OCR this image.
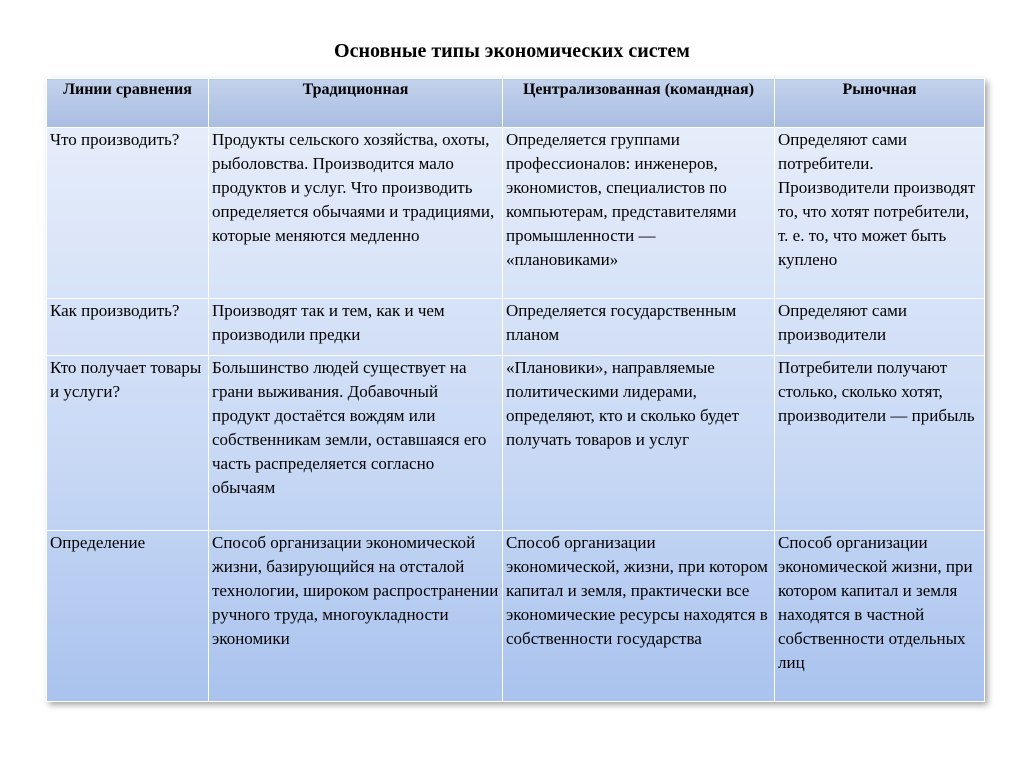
Основные типы экономических систем
Линии сравнения	Традиционная	Централизованная (командная)	Рыночная
Что производить?	Продукты сельского хозяйства, охоты, рыболовства. Производится мало продуктов и услуг. Что производить определяется обычаями и традициями, которые меняются медленно	Определяется группами профессионалов: инженеров, экономистов, специалистов по компьютерам, представителями промышленности — «плановиками»	Определяют сами потребители. Производители производят то, что хотят потребители, т. е. то, что может быть куплено
Как производить?	Производят так и тем, как и чем производили предки	Определяется государственным планом	Определяют сами производители
Кто получает товары и услуги?	Большинство людей существует на грани выживания. Добавочный продукт достаётся вождям или собственникам земли, оставшаяся его часть распределяется согласно обычаям	«Плановики», направляемые политическими лидерами, определяют, кто и сколько будет получать товаров и услуг	Потребители получают столько, сколько хотят, производители — прибыль
Определение	Способ организации экономической жизни, базирующийся на отсталой технологии, широком распространении ручного труда, многоукладности экономики	Способ организации экономической, жизни, при котором капитал и земля, практически все экономические ресурсы находятся в собственности государства	Способ организации экономической жизни, при котором капитал и земля находятся в частной собственности отдельных лиц
